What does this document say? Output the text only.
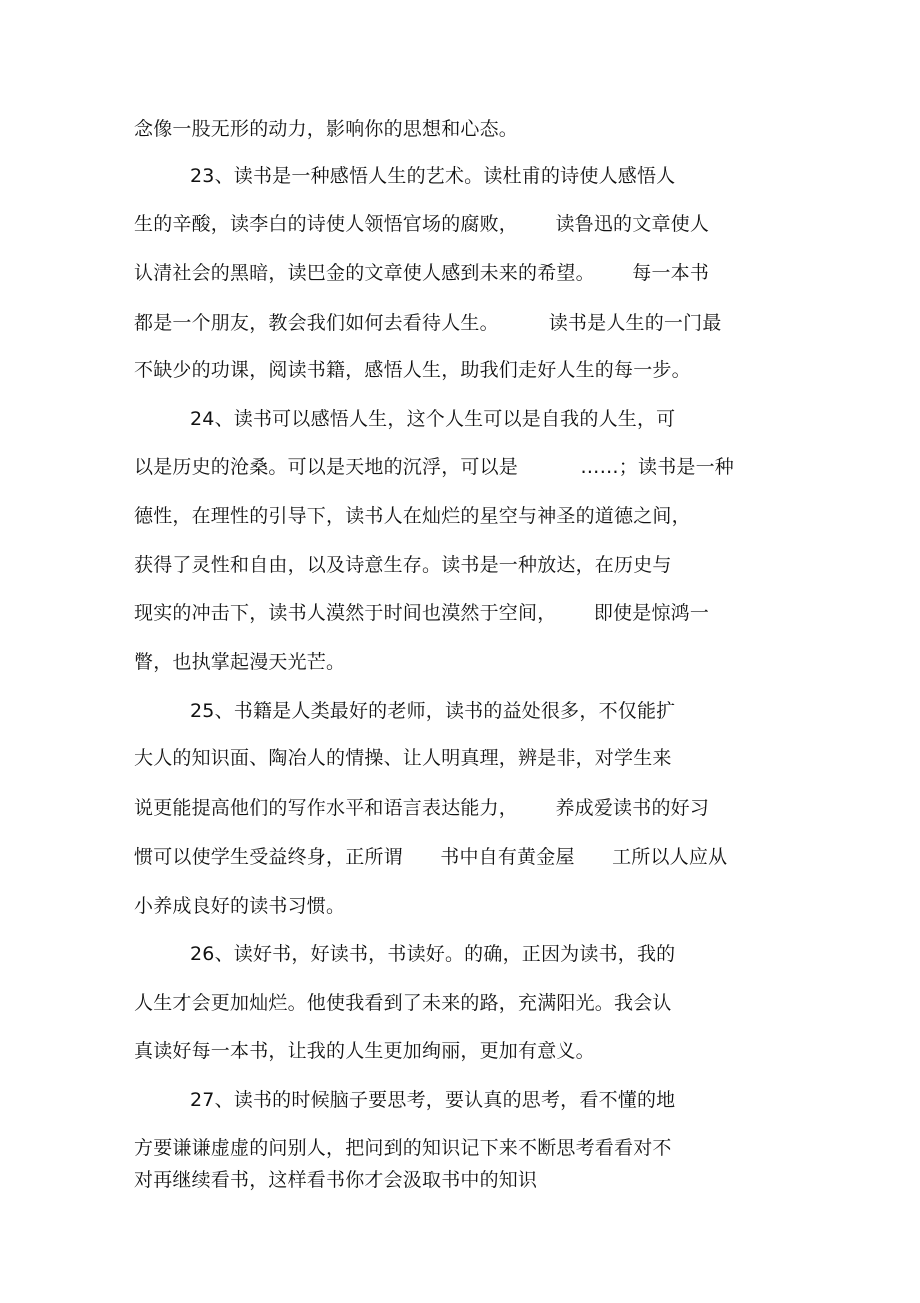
念像一股无形的动力，影响你的思想和心态。
23、读书是一种感悟人生的艺术。读杜甫的诗使人感悟人
生的辛酸，读李白的诗使人领悟官场的腐败，      读鲁迅的文章使人
认清社会的黑暗，读巴金的文章使人感到未来的希望。      每一本书
都是一个朋友，教会我们如何去看待人生。        读书是人生的一门最
不缺少的功课，阅读书籍，感悟人生，助我们走好人生的每一步。
24、读书可以感悟人生，这个人生可以是自我的人生，可
以是历史的沧桑。可以是天地的沉浮，可以是          ……；读书是一种
德性，在理性的引导下，读书人在灿烂的星空与神圣的道德之间，
获得了灵性和自由，以及诗意生存。读书是一种放达，在历史与
现实的冲击下，读书人漠然于时间也漠然于空间，      即使是惊鸿一
瞥，也执掌起漫天光芒。
25、书籍是人类最好的老师，读书的益处很多，不仅能扩
大人的知识面、陶冶人的情操、让人明真理，辨是非，对学生来
说更能提高他们的写作水平和语言表达能力，      养成爱读书的好习
惯可以使学生受益终身，正所谓      书中自有黄金屋      工所以人应从
小养成良好的读书习惯。
26、读好书，好读书，书读好。的确，正因为读书，我的
人生才会更加灿烂。他使我看到了未来的路，充满阳光。我会认
真读好每一本书，让我的人生更加绚丽，更加有意义。
27、读书的时候脑子要思考，要认真的思考，看不懂的地
方要谦谦虚虚的问别人，把问到的知识记下来不断思考看看对不
对再继续看书，这样看书你才会汲取书中的知识
